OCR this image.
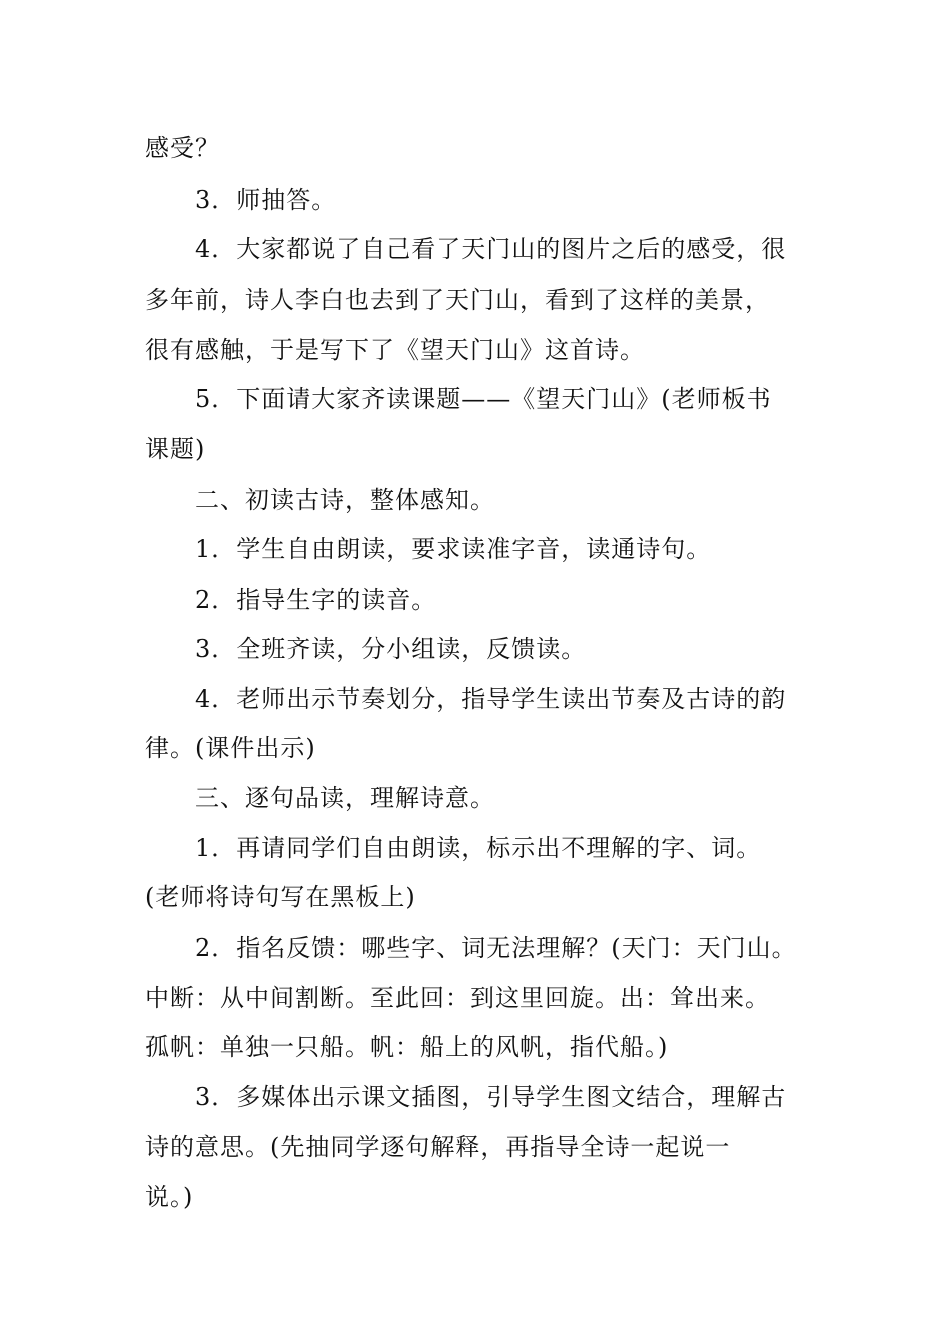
感受？
3．师抽答。
4．大家都说了自己看了天门山的图片之后的感受，很
多年前，诗人李白也去到了天门山，看到了这样的美景，
很有感触，于是写下了《望天门山》这首诗。
5．下面请大家齐读课题——《望天门山》(老师板书
课题)
二、初读古诗，整体感知。
1．学生自由朗读，要求读准字音，读通诗句。
2．指导生字的读音。
3．全班齐读，分小组读，反馈读。
4．老师出示节奏划分，指导学生读出节奏及古诗的韵
律。(课件出示)
三、逐句品读，理解诗意。
1．再请同学们自由朗读，标示出不理解的字、词。
(老师将诗句写在黑板上)
2．指名反馈：哪些字、词无法理解？(天门：天门山。
中断：从中间割断。至此回：到这里回旋。出：耸出来。
孤帆：单独一只船。帆：船上的风帆，指代船。)
3．多媒体出示课文插图，引导学生图文结合，理解古
诗的意思。(先抽同学逐句解释，再指导全诗一起说一
说。)
